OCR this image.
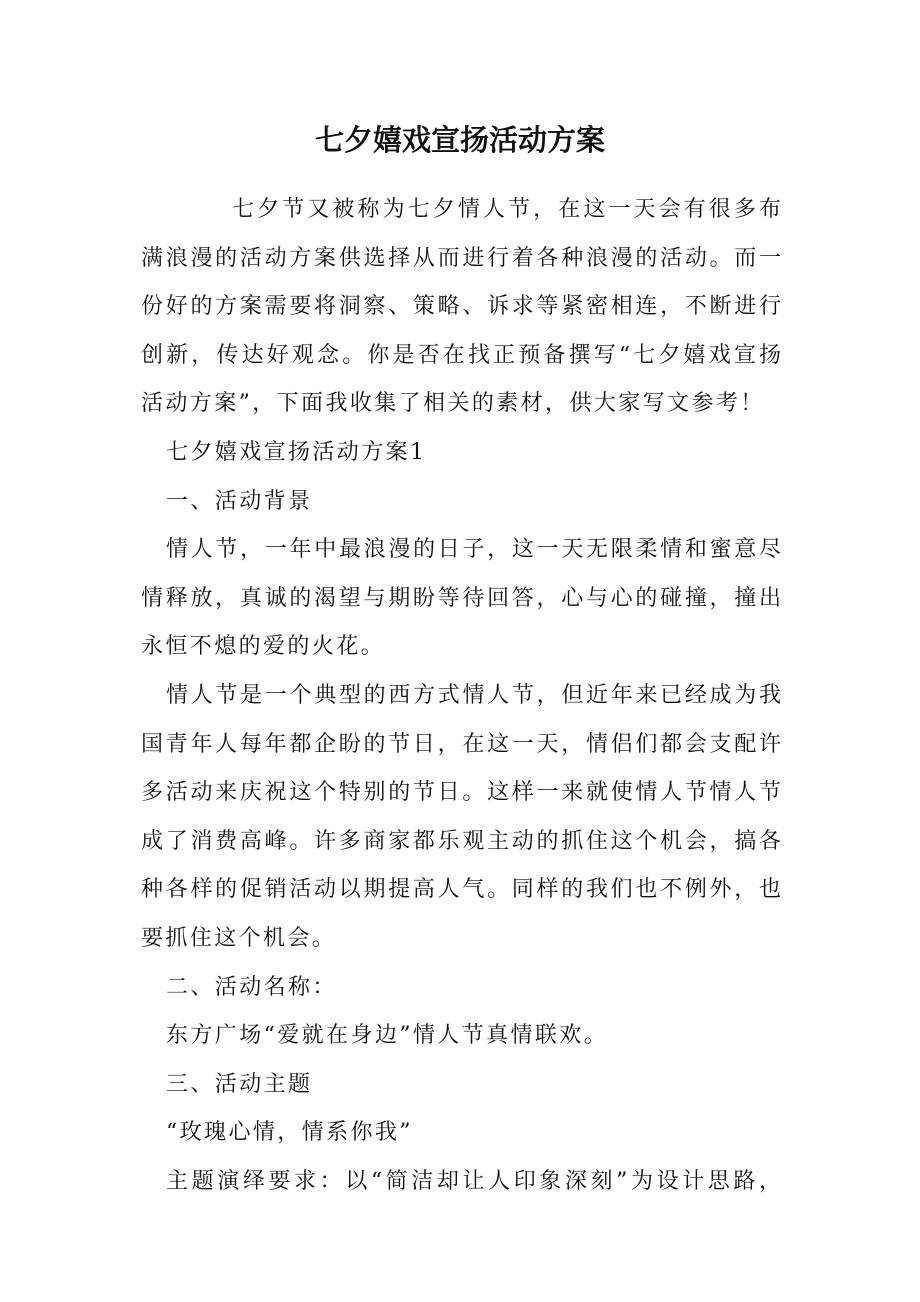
七夕嬉戏宣扬活动方案
七夕节又被称为七夕情人节，在这一天会有很多布
满浪漫的活动方案供选择从而进行着各种浪漫的活动。而一
份好的方案需要将洞察、策略、诉求等紧密相连，不断进行
创新，传达好观念。你是否在找正预备撰写“七夕嬉戏宣扬
活动方案”，下面我收集了相关的素材，供大家写文参考！
七夕嬉戏宣扬活动方案1
一、活动背景
情人节，一年中最浪漫的日子，这一天无限柔情和蜜意尽
情释放，真诚的渴望与期盼等待回答，心与心的碰撞，撞出
永恒不熄的爱的火花。
情人节是一个典型的西方式情人节，但近年来已经成为我
国青年人每年都企盼的节日，在这一天，情侣们都会支配许
多活动来庆祝这个特别的节日。这样一来就使情人节情人节
成了消费高峰。许多商家都乐观主动的抓住这个机会，搞各
种各样的促销活动以期提高人气。同样的我们也不例外，也
要抓住这个机会。
二、活动名称：
东方广场“爱就在身边”情人节真情联欢。
三、活动主题
“玫瑰心情，情系你我”
主题演绎要求：以“简洁却让人印象深刻”为设计思路，
